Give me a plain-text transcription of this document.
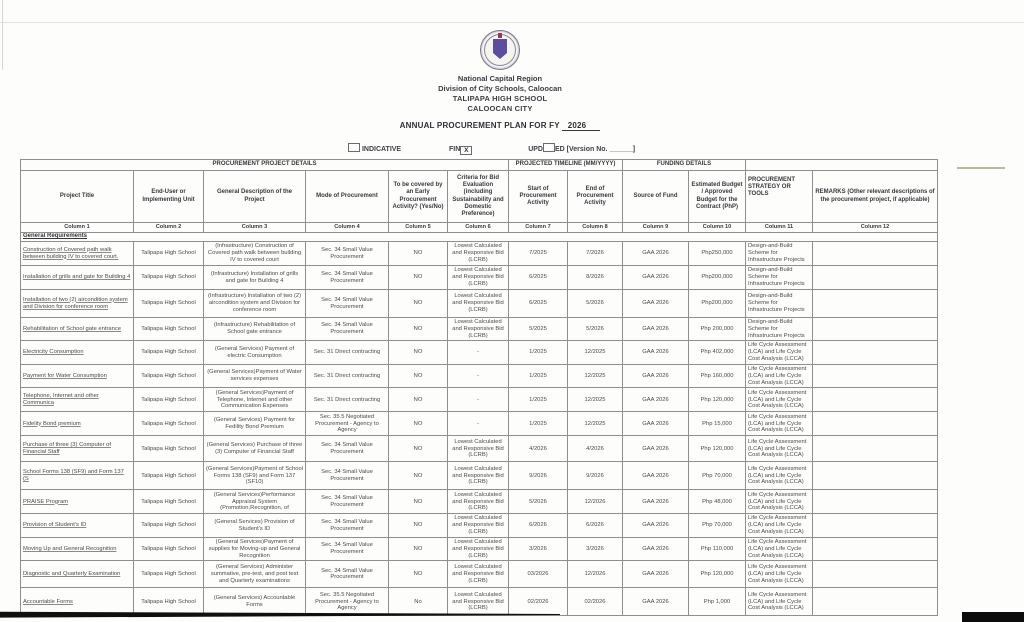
National Capital Region
Division of City Schools, Caloocan
TALIPAPA HIGH SCHOOL
CALOOCAN CITY
ANNUAL PROCUREMENT PLAN FOR FY 2026
INDICATIVE	FIN X	UPD ED [Version No. ______]
PROCUREMENT PROJECT DETAILS						PROJECTED TIMELINE (MM/YYYY)		FUNDING DETAILS			
Project Title	End-User or Implementing Unit	General Description of the Project	Mode of Procurement	To be covered by an Early Procurement Activity? (Yes/No)	Criteria for Bid Evaluation (including Sustainability and Domestic Preference)	Start of Procurement Activity	End of Procurement Activity	Source of Fund	Estimated Budget / Approved Budget for the Contract (PhP)	PROCUREMENT STRATEGY OR TOOLS	REMARKS (Other relevant descriptions of the procurement project, if applicable)
Column 1	Column 2	Column 3	Column 4	Column 5	Column 6	Column 7	Column 8	Column 9	Column 10	Column 11	Column 12
General Requirements											
Construction of Covered path walk between building IV to covered court.	Talipapa High School	(Infrastructure) Construction of Covered path walk between building IV to covered court	Sec. 34 Small Value Procurement	NO	Lowest Calculated and Responsive Bid (LCRB)	7/2025	7/2026	GAA 2026	Php250,000	Design-and-Build Scheme for Infrastructure Projects	
Installation of grills and gate for Building 4	Talipapa High School	(Infrastructure) Installation of grills and gate for Building 4	Sec. 34 Small Value Procurement	NO	Lowest Calculated and Responsive Bid (LCRB)	6/2025	8/2026	GAA 2026	Php200,000	Design-and-Build Scheme for Infrastructure Projects	
Installation of two (2) aircondition system and Division for conference room	Talipapa High School	(Infrastructure) Installation of two (2) aircondition system and Division for conference room	Sec. 34 Small Value Procurement	NO	Lowest Calculated and Responsive Bid (LCRB)	6/2025	5/2026	GAA 2026	Php200,000	Design-and-Build Scheme for Infrastructure Projects	
Rehabilitation of School gate entrance	Talipapa High School	(Infrastructure) Rehabilitation of School gate entrance	Sec. 34 Small Value Procurement	NO	Lowest Calculated and Responsive Bid (LCRB)	5/2025	5/2026	GAA 2026	Php 200,000	Design-and-Build Scheme for Infrastructure Projects	
Electricity Consumption	Talipapa High School	(General Services) Payment of electric Consumption	Sec. 31 Direct contracting	NO	-	1/2025	12/2025	GAA 2026	Php 402,000	Life Cycle Assessment (LCA) and Life Cycle Cost Analysis (LCCA)	
Payment for Water Consumption	Talipapa High School	(General Services)Payment of Water services expenses	Sec. 31 Direct contracting	NO	-	1/2025	12/2025	GAA 2026	Php 160,000	Life Cycle Assessment (LCA) and Life Cycle Cost Analysis (LCCA)	
Telephone, Internet and other Communica	Talipapa High School	(General Services)Payment of Telephone, Internet and other Communication Expenses	Sec. 31 Direct contracting	NO	-	1/2025	12/2025	GAA 2026	Php 120,000	Life Cycle Assessment (LCA) and Life Cycle Cost Analysis (LCCA)	
Fidelity Bond premium	Talipapa High School	(General Services) Payment for Fedility Bond Premium	Sec. 35.5 Negotiated Procurement - Agency to Agency	NO	-	1/2025	12/2025	GAA 2026	Php 15,000	Life Cycle Assessment (LCA) and Life Cycle Cost Analysis (LCCA)	
Purchase of three (3) Computer of Financial Staff	Talipapa High School	(General Services) Purchase of three (3) Computer of Financial Staff	Sec. 34 Small Value Procurement	NO	Lowest Calculated and Responsive Bid (LCRB)	4/2026	4/2026	GAA 2026	Php 120,000	Life Cycle Assessment (LCA) and Life Cycle Cost Analysis (LCCA)	
School Forms 138 (SF9) and Form 137 (S	Talipapa High School	(General Services)Payment of School Forms 138 (SF9) and Form 137 (SF10)	Sec. 34 Small Value Procurement	NO	Lowest Calculated and Responsive Bid (LCRB)	9/2026	9/2026	GAA 2026	Php 70,000	Life Cycle Assessment (LCA) and Life Cycle Cost Analysis (LCCA)	
PRAISE Program	Talipapa High School	(General Services)Performance Appraisal System (Promotion,Recognition, of	Sec. 34 Small Value Procurement	NO	Lowest Calculated and Responsive Bid (LCRB)	5/2026	12/2026	GAA 2026	Php 48,000	Life Cycle Assessment (LCA) and Life Cycle Cost Analysis (LCCA)	
Provision of Student's ID	Talipapa High School	(General Services) Provision of Student's ID	Sec. 34 Small Value Procurement	NO	Lowest Calculated and Responsive Bid (LCRB)	6/2026	6/2026	GAA 2026	Php 70,000	Life Cycle Assessment (LCA) and Life Cycle Cost Analysis (LCCA)	
Moving Up and General Recognition	Talipapa High School	(General Services)Payment of supplies for Moving-up and General Recognition	Sec. 34 Small Value Procurement	NO	Lowest Calculated and Responsive Bid (LCRB)	3/2026	3/2026	GAA 2026	Php 110,000	Life Cycle Assessment (LCA) and Life Cycle Cost Analysis (LCCA)	
Diagnostic and Quarterly Examination	Talipapa High School	(General Services) Administer summative, pre-test, and post test and Quarterly examinations	Sec. 34 Small Value Procurement	NO	Lowest Calculated and Responsive Bid (LCRB)	03/2026	12/2026	GAA 2026	Php 120,000	Life Cycle Assessment (LCA) and Life Cycle Cost Analysis (LCCA)	
Accountable Forms	Talipapa High School	(General Services) Accountable Forms	Sec. 35.5 Negotiated Procurement - Agency to Agency	No	Lowest Calculated and Responsive Bid (LCRB)	02/2026	02/2026	GAA 2026	Php 1,000	Life Cycle Assessment (LCA) and Life Cycle Cost Analysis (LCCA)	
